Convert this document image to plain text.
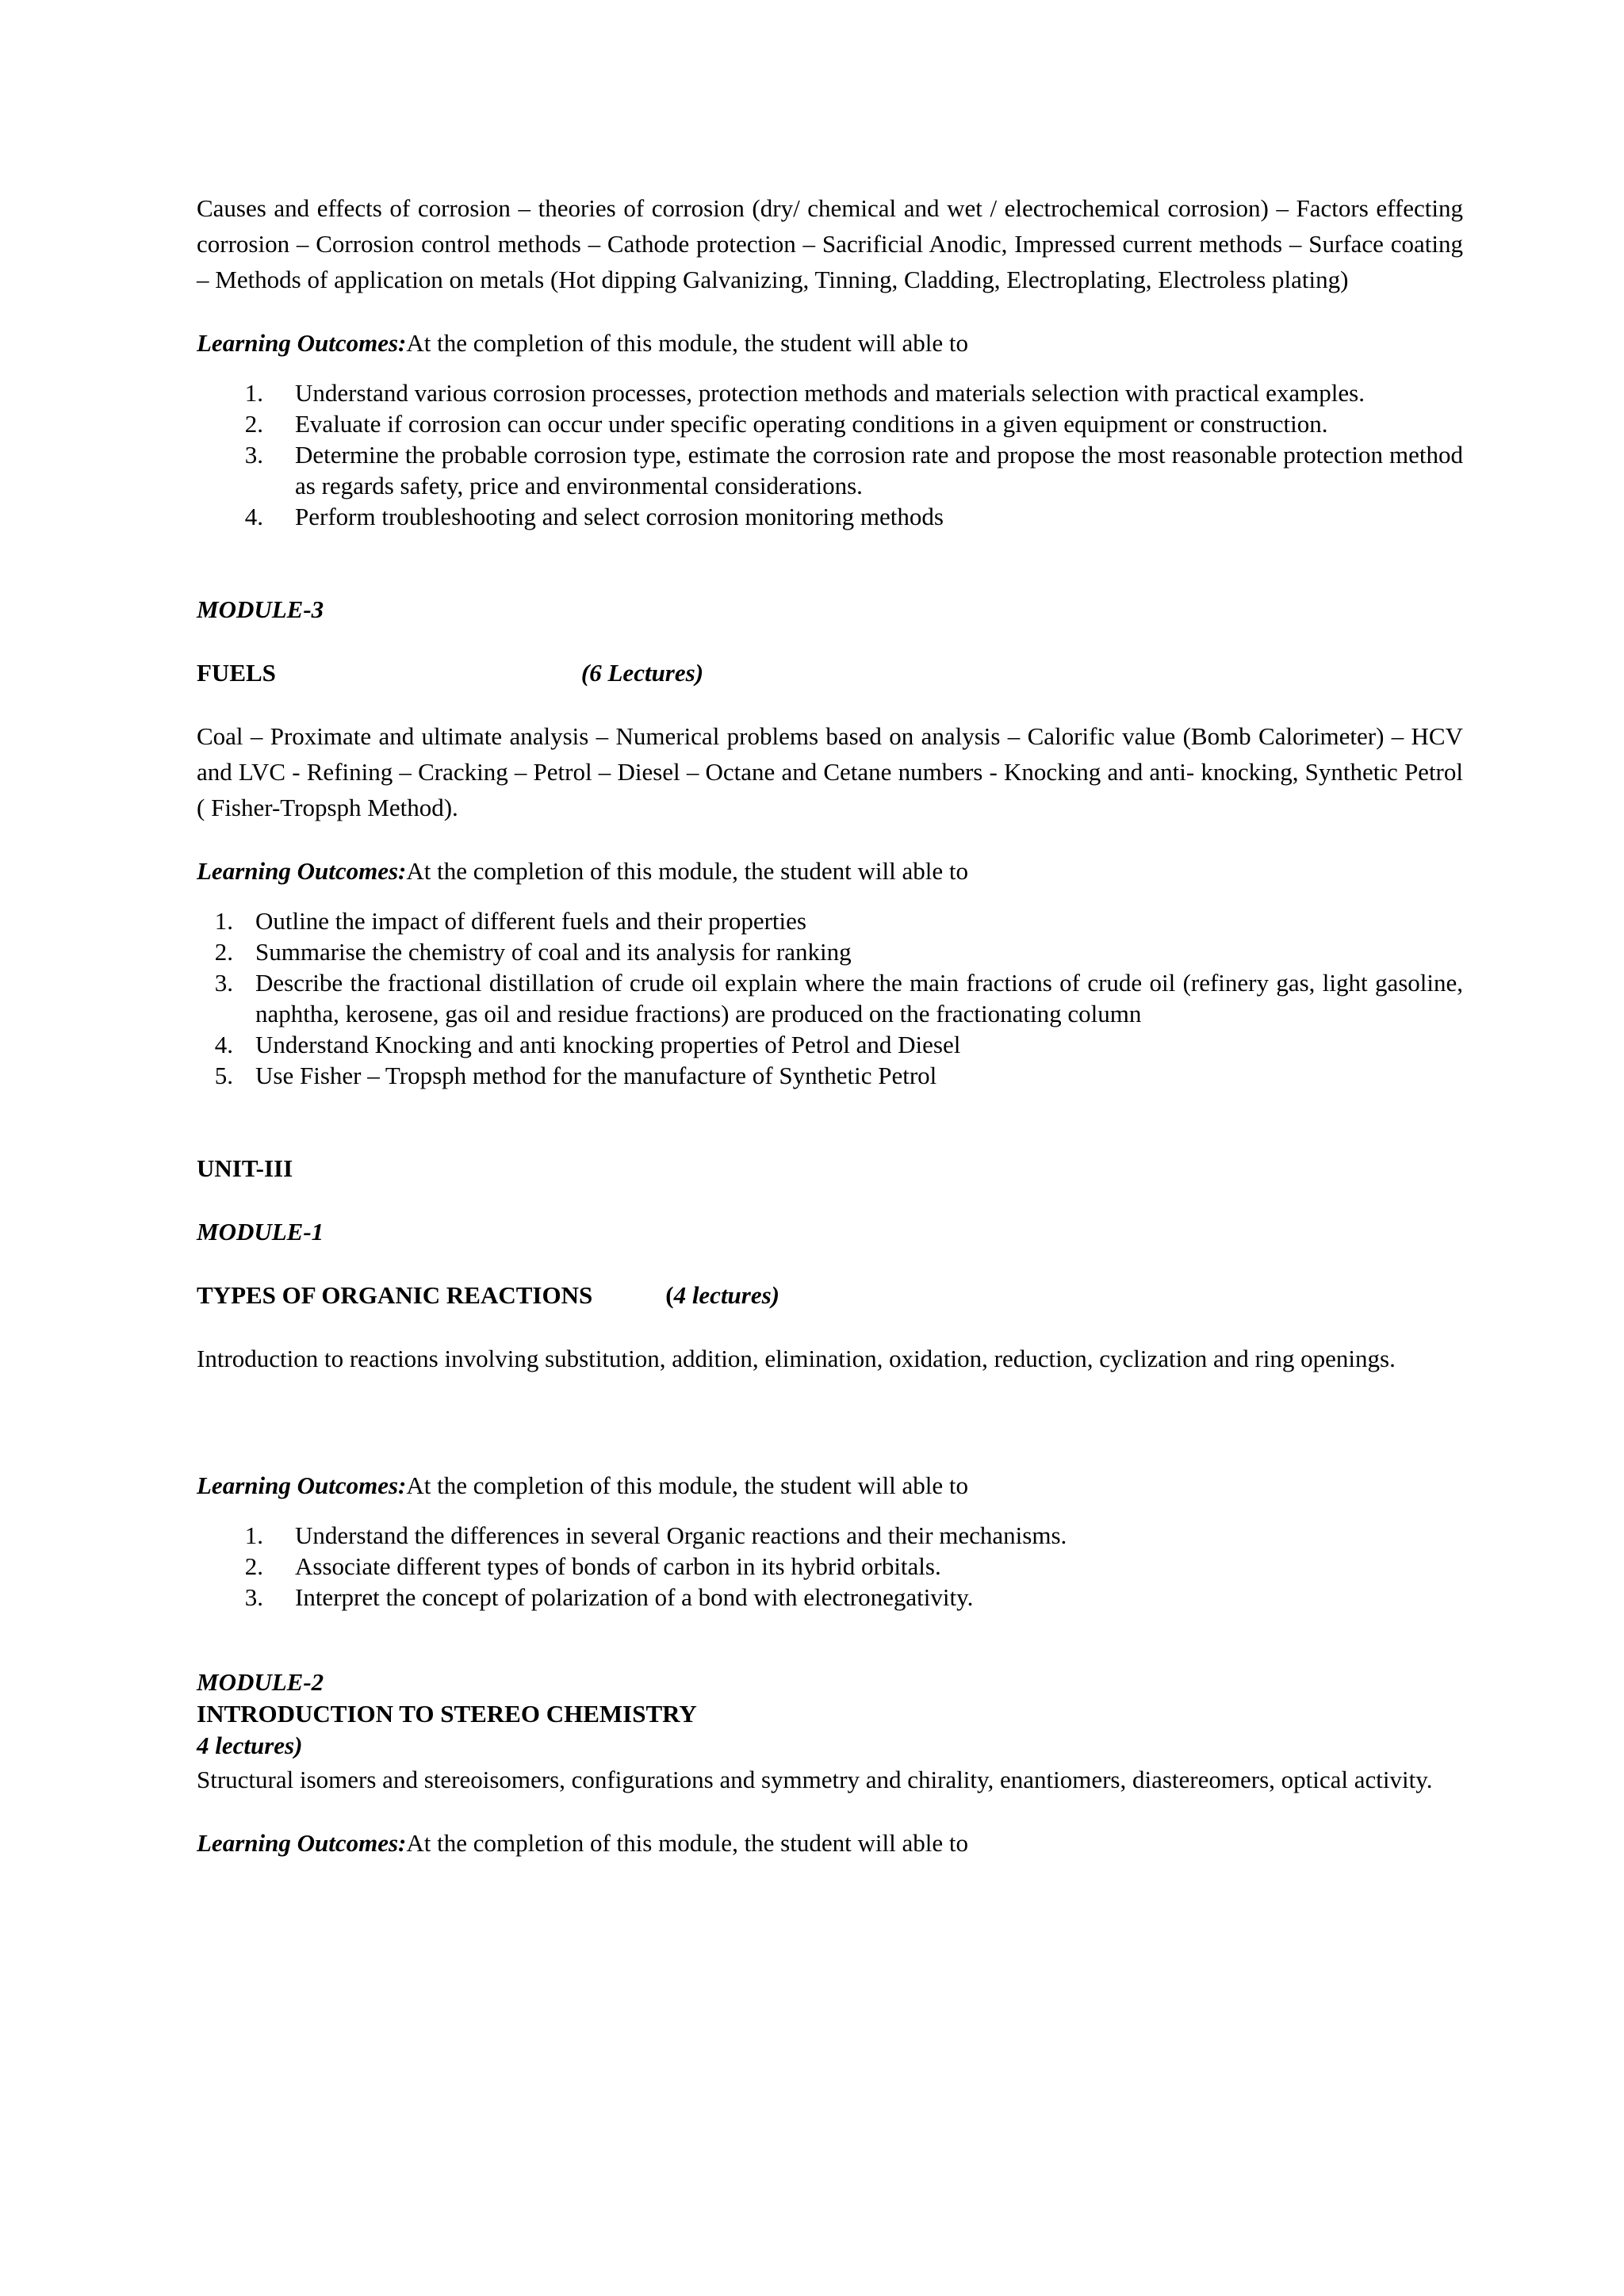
Causes and effects of corrosion – theories of corrosion (dry/ chemical and wet / electrochemical corrosion) – Factors effecting corrosion – Corrosion control methods – Cathode protection – Sacrificial Anodic, Impressed current methods – Surface coating – Methods of application on metals (Hot dipping Galvanizing, Tinning, Cladding, Electroplating, Electroless plating)

Learning Outcomes:At the completion of this module, the student will able to

1.	Understand various corrosion processes, protection methods and materials selection with practical examples.
2.	Evaluate if corrosion can occur under specific operating conditions in a given equipment or construction.
3.	Determine the probable corrosion type, estimate the corrosion rate and propose the most reasonable protection method as regards safety, price and environmental considerations.
4.	Perform troubleshooting and select corrosion monitoring methods

MODULE-3

FUELS	(6 Lectures)

Coal – Proximate and ultimate analysis – Numerical problems based on analysis – Calorific value (Bomb Calorimeter) – HCV and LVC - Refining – Cracking – Petrol – Diesel – Octane and Cetane numbers - Knocking and anti- knocking, Synthetic Petrol ( Fisher-Tropsph Method).

Learning Outcomes:At the completion of this module, the student will able to

1. Outline the impact of different fuels and their properties
2. Summarise the chemistry of coal and its analysis for ranking
3. Describe the fractional distillation of crude oil explain where the main fractions of crude oil (refinery gas, light gasoline, naphtha, kerosene, gas oil and residue fractions) are produced on the fractionating column
4. Understand Knocking and anti knocking properties of Petrol and Diesel
5. Use Fisher – Tropsph method for the manufacture of Synthetic Petrol

UNIT-III

MODULE-1

TYPES OF ORGANIC REACTIONS	(4 lectures)

Introduction to reactions involving substitution, addition, elimination, oxidation, reduction, cyclization and ring openings.

Learning Outcomes:At the completion of this module, the student will able to

1.	Understand the differences in several Organic reactions and their mechanisms.
2.	Associate different types of bonds of carbon in its hybrid orbitals.
3.	Interpret the concept of polarization of a bond with electronegativity.

MODULE-2

INTRODUCTION TO STEREO CHEMISTRY

4 lectures)

Structural isomers and stereoisomers, configurations and symmetry and chirality, enantiomers, diastereomers, optical activity.

Learning Outcomes:At the completion of this module, the student will able to
